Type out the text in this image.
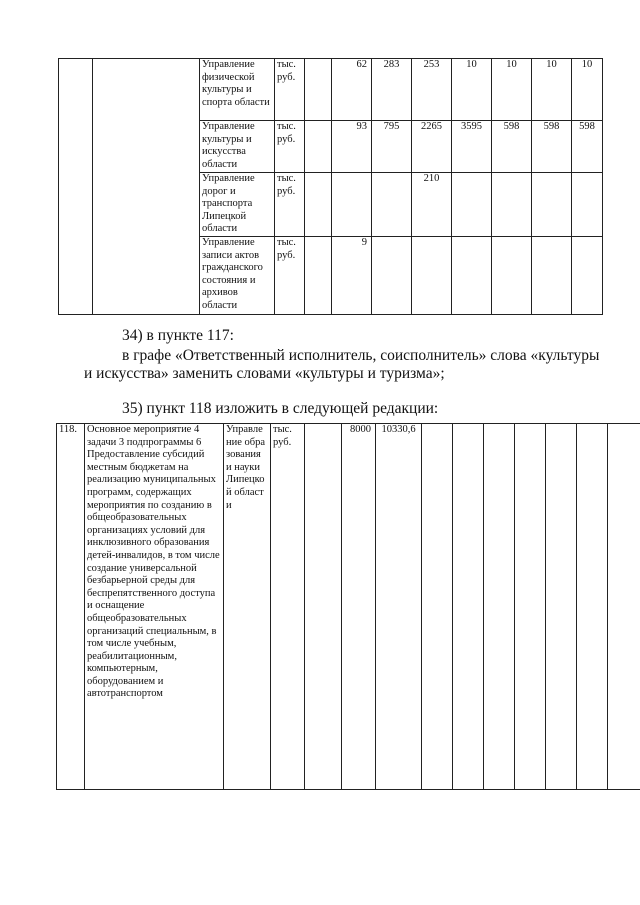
		Управление физической культуры и спорта области	тыс. руб.		62	283	253	10	10	10	10
		Управление культуры и искусства области	тыс. руб.		93	795	2265	3595	598	598	598
		Управление дорог и транспорта Липецкой области	тыс. руб.				210				
		Управление записи актов гражданского состояния и архивов области	тыс. руб.		9						
34) в пункте 117:
в графе «Ответственный исполнитель, соисполнитель» слова «культуры
и искусства» заменить словами «культуры и туризма»;
35) пункт 118 изложить в следующей редакции:
118.	Основное мероприятие 4 задачи 3 подпрограммы 6 Предоставление субсидий местным бюджетам на реализацию муниципальных программ, содержащих мероприятия по созданию в общеобразовательных организациях условий для инклюзивного образования детей-инвалидов, в том числе создание универсальной безбарьерной среды для беспрепятственного доступа и оснащение общеобразовательных организаций специальным, в том числе учебным, реабилитационным, компьютерным, оборудованием и автотранспортом	Управление образования и науки Липецкой области	тыс. руб.		8000	10330,6							
